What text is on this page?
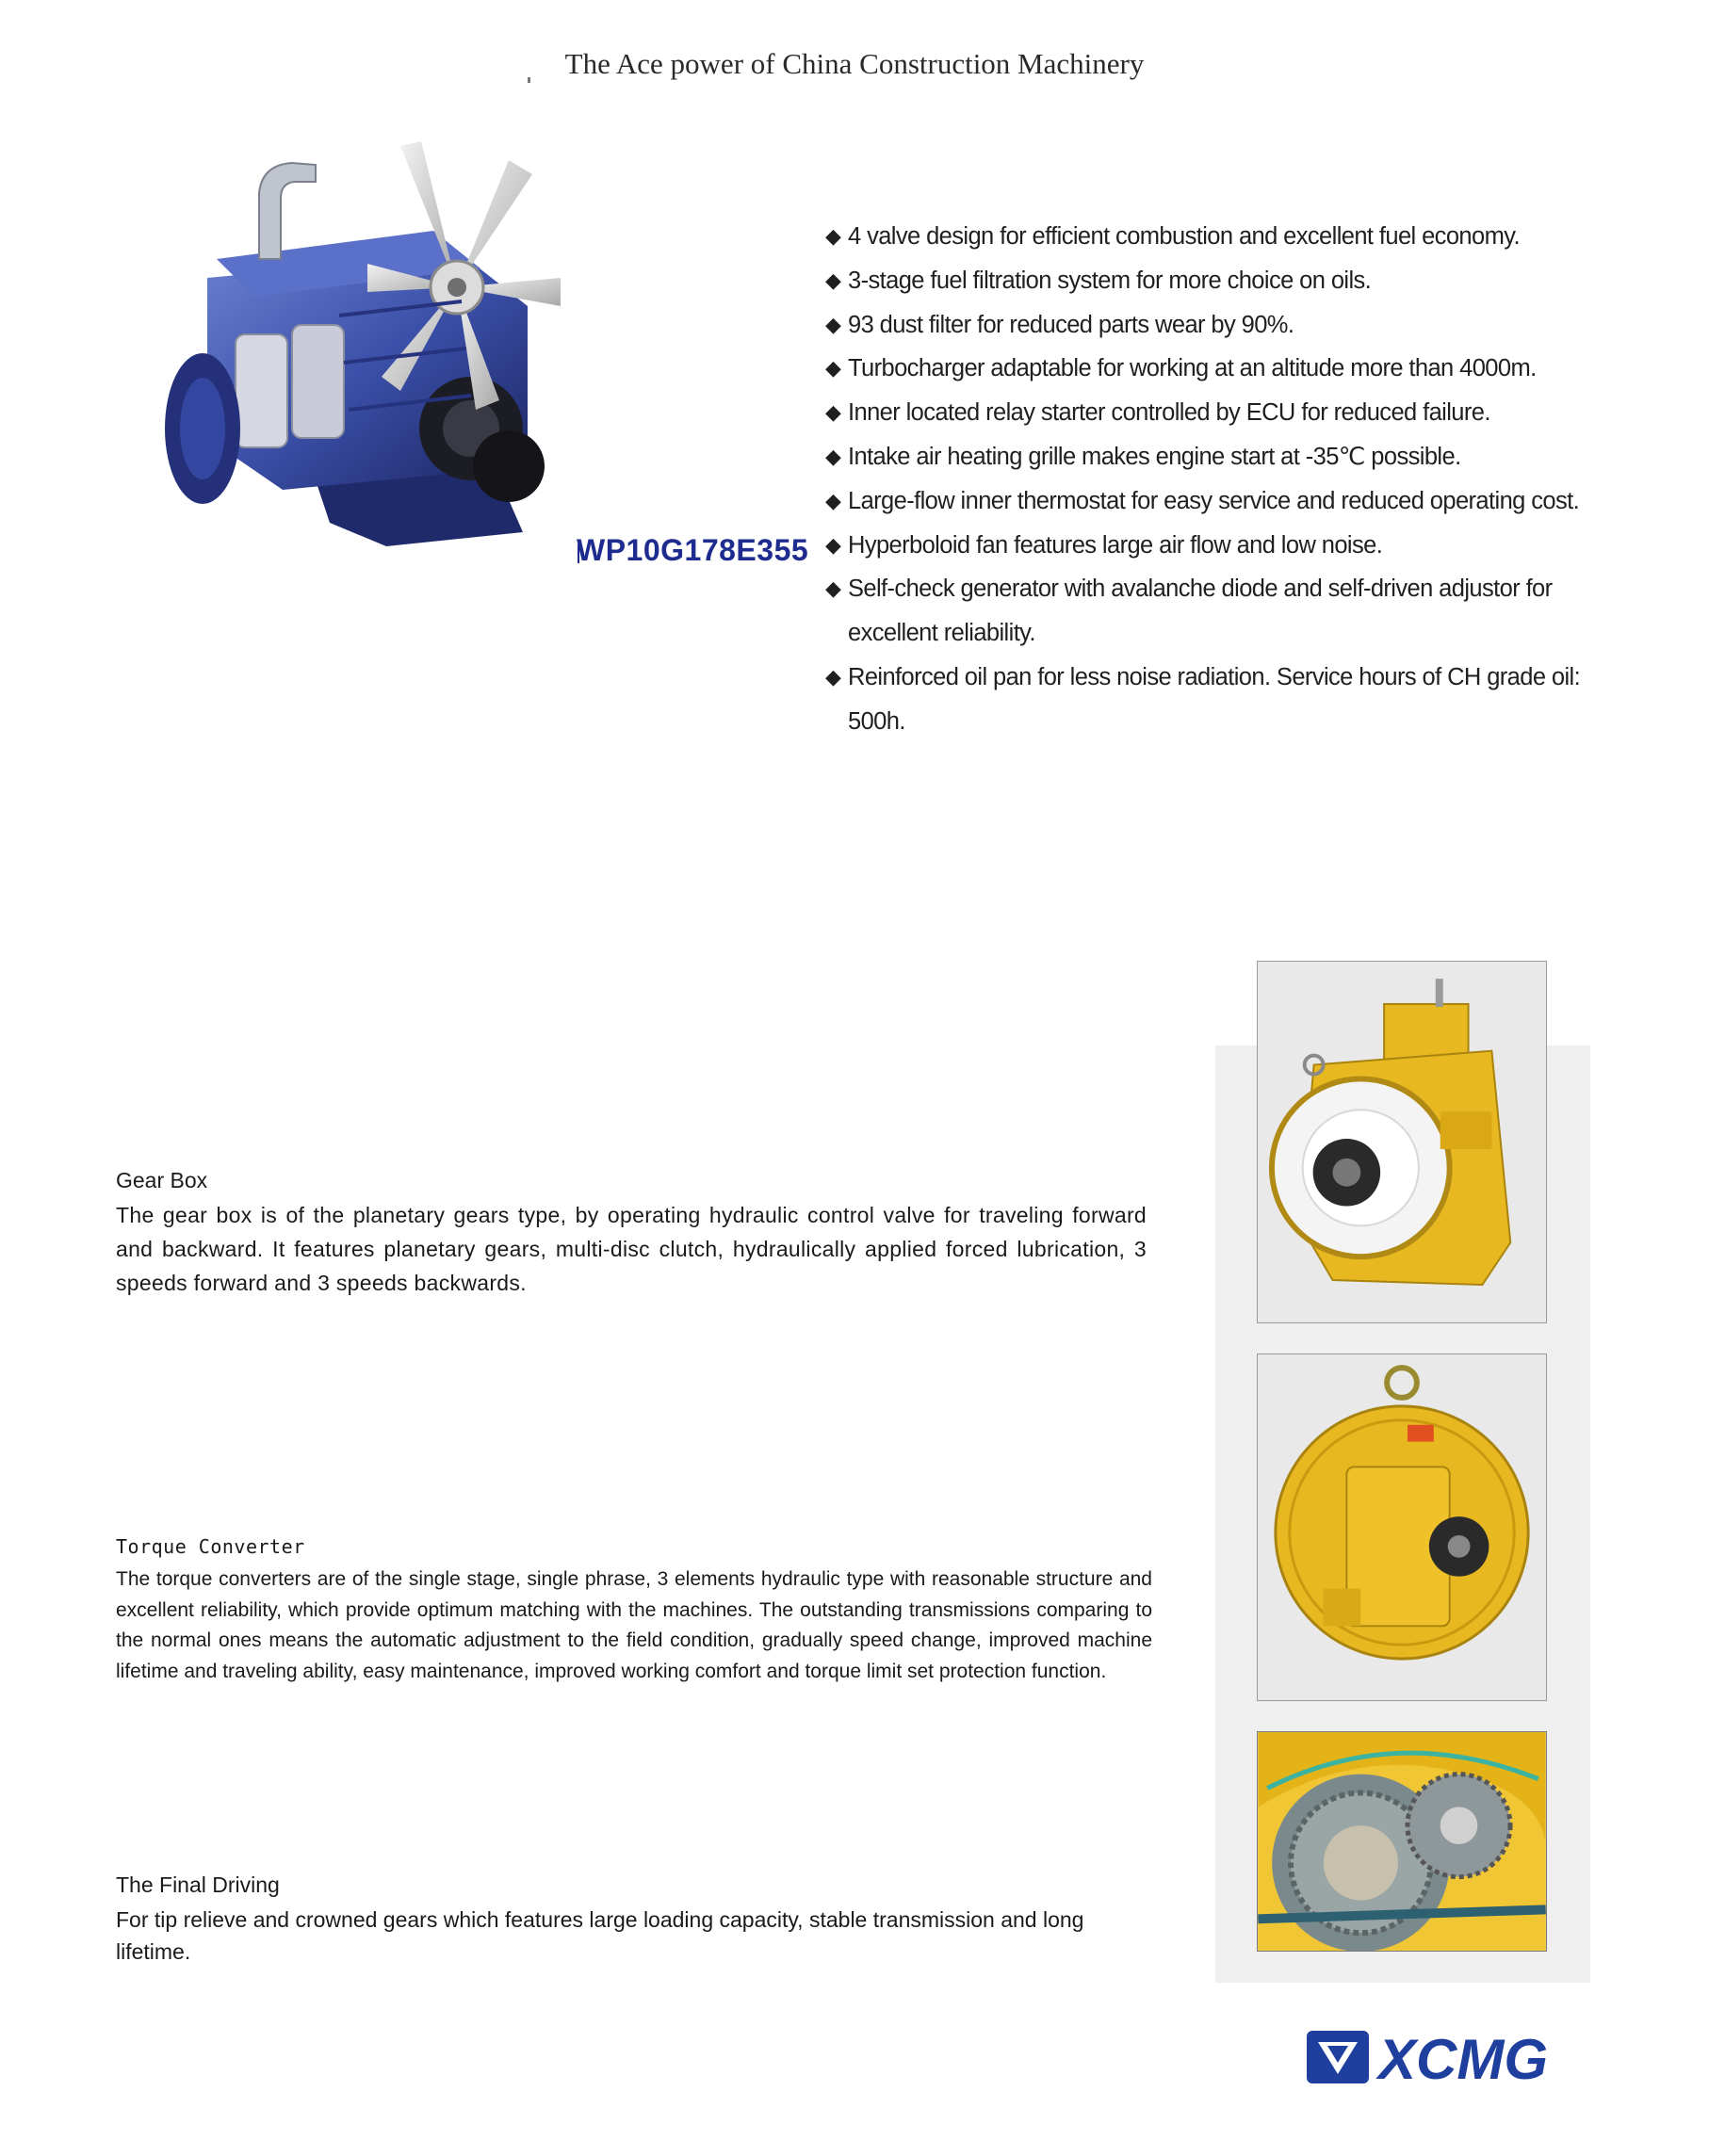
The Ace power of China Construction Machinery
WP10G178E355
◆ 4 valve design for efficient combustion and excellent fuel economy.
◆ 3-stage fuel filtration system for more choice on oils.
◆ 93 dust filter for reduced parts wear by 90%.
◆ Turbocharger adaptable for working at an altitude more than 4000m.
◆ Inner located relay starter controlled by ECU for reduced failure.
◆ Intake air heating grille makes engine start at -35℃ possible.
◆ Large-flow inner thermostat for easy service and reduced operating cost.
◆ Hyperboloid fan features large air flow and low noise.
◆ Self-check generator with avalanche diode and self-driven adjustor for excellent reliability.
◆ Reinforced oil pan for less noise radiation. Service hours of CH grade oil: 500h.
Gear Box
The gear box is of the planetary gears type, by operating hydraulic control valve for traveling forward and backward. It features planetary gears, multi-disc clutch, hydraulically applied forced lubrication, 3 speeds forward and 3 speeds backwards.
Torque Converter
The torque converters are of the single stage, single phrase, 3 elements hydraulic type with reasonable structure and excellent reliability, which provide optimum matching with the machines. The outstanding transmissions comparing to the normal ones means the automatic adjustment to the field condition, gradually speed change, improved machine lifetime and traveling ability, easy maintenance, improved working comfort and torque limit set protection function.
The Final Driving
For tip relieve and crowned gears which features large loading capacity, stable transmission and long lifetime.
XCMG
